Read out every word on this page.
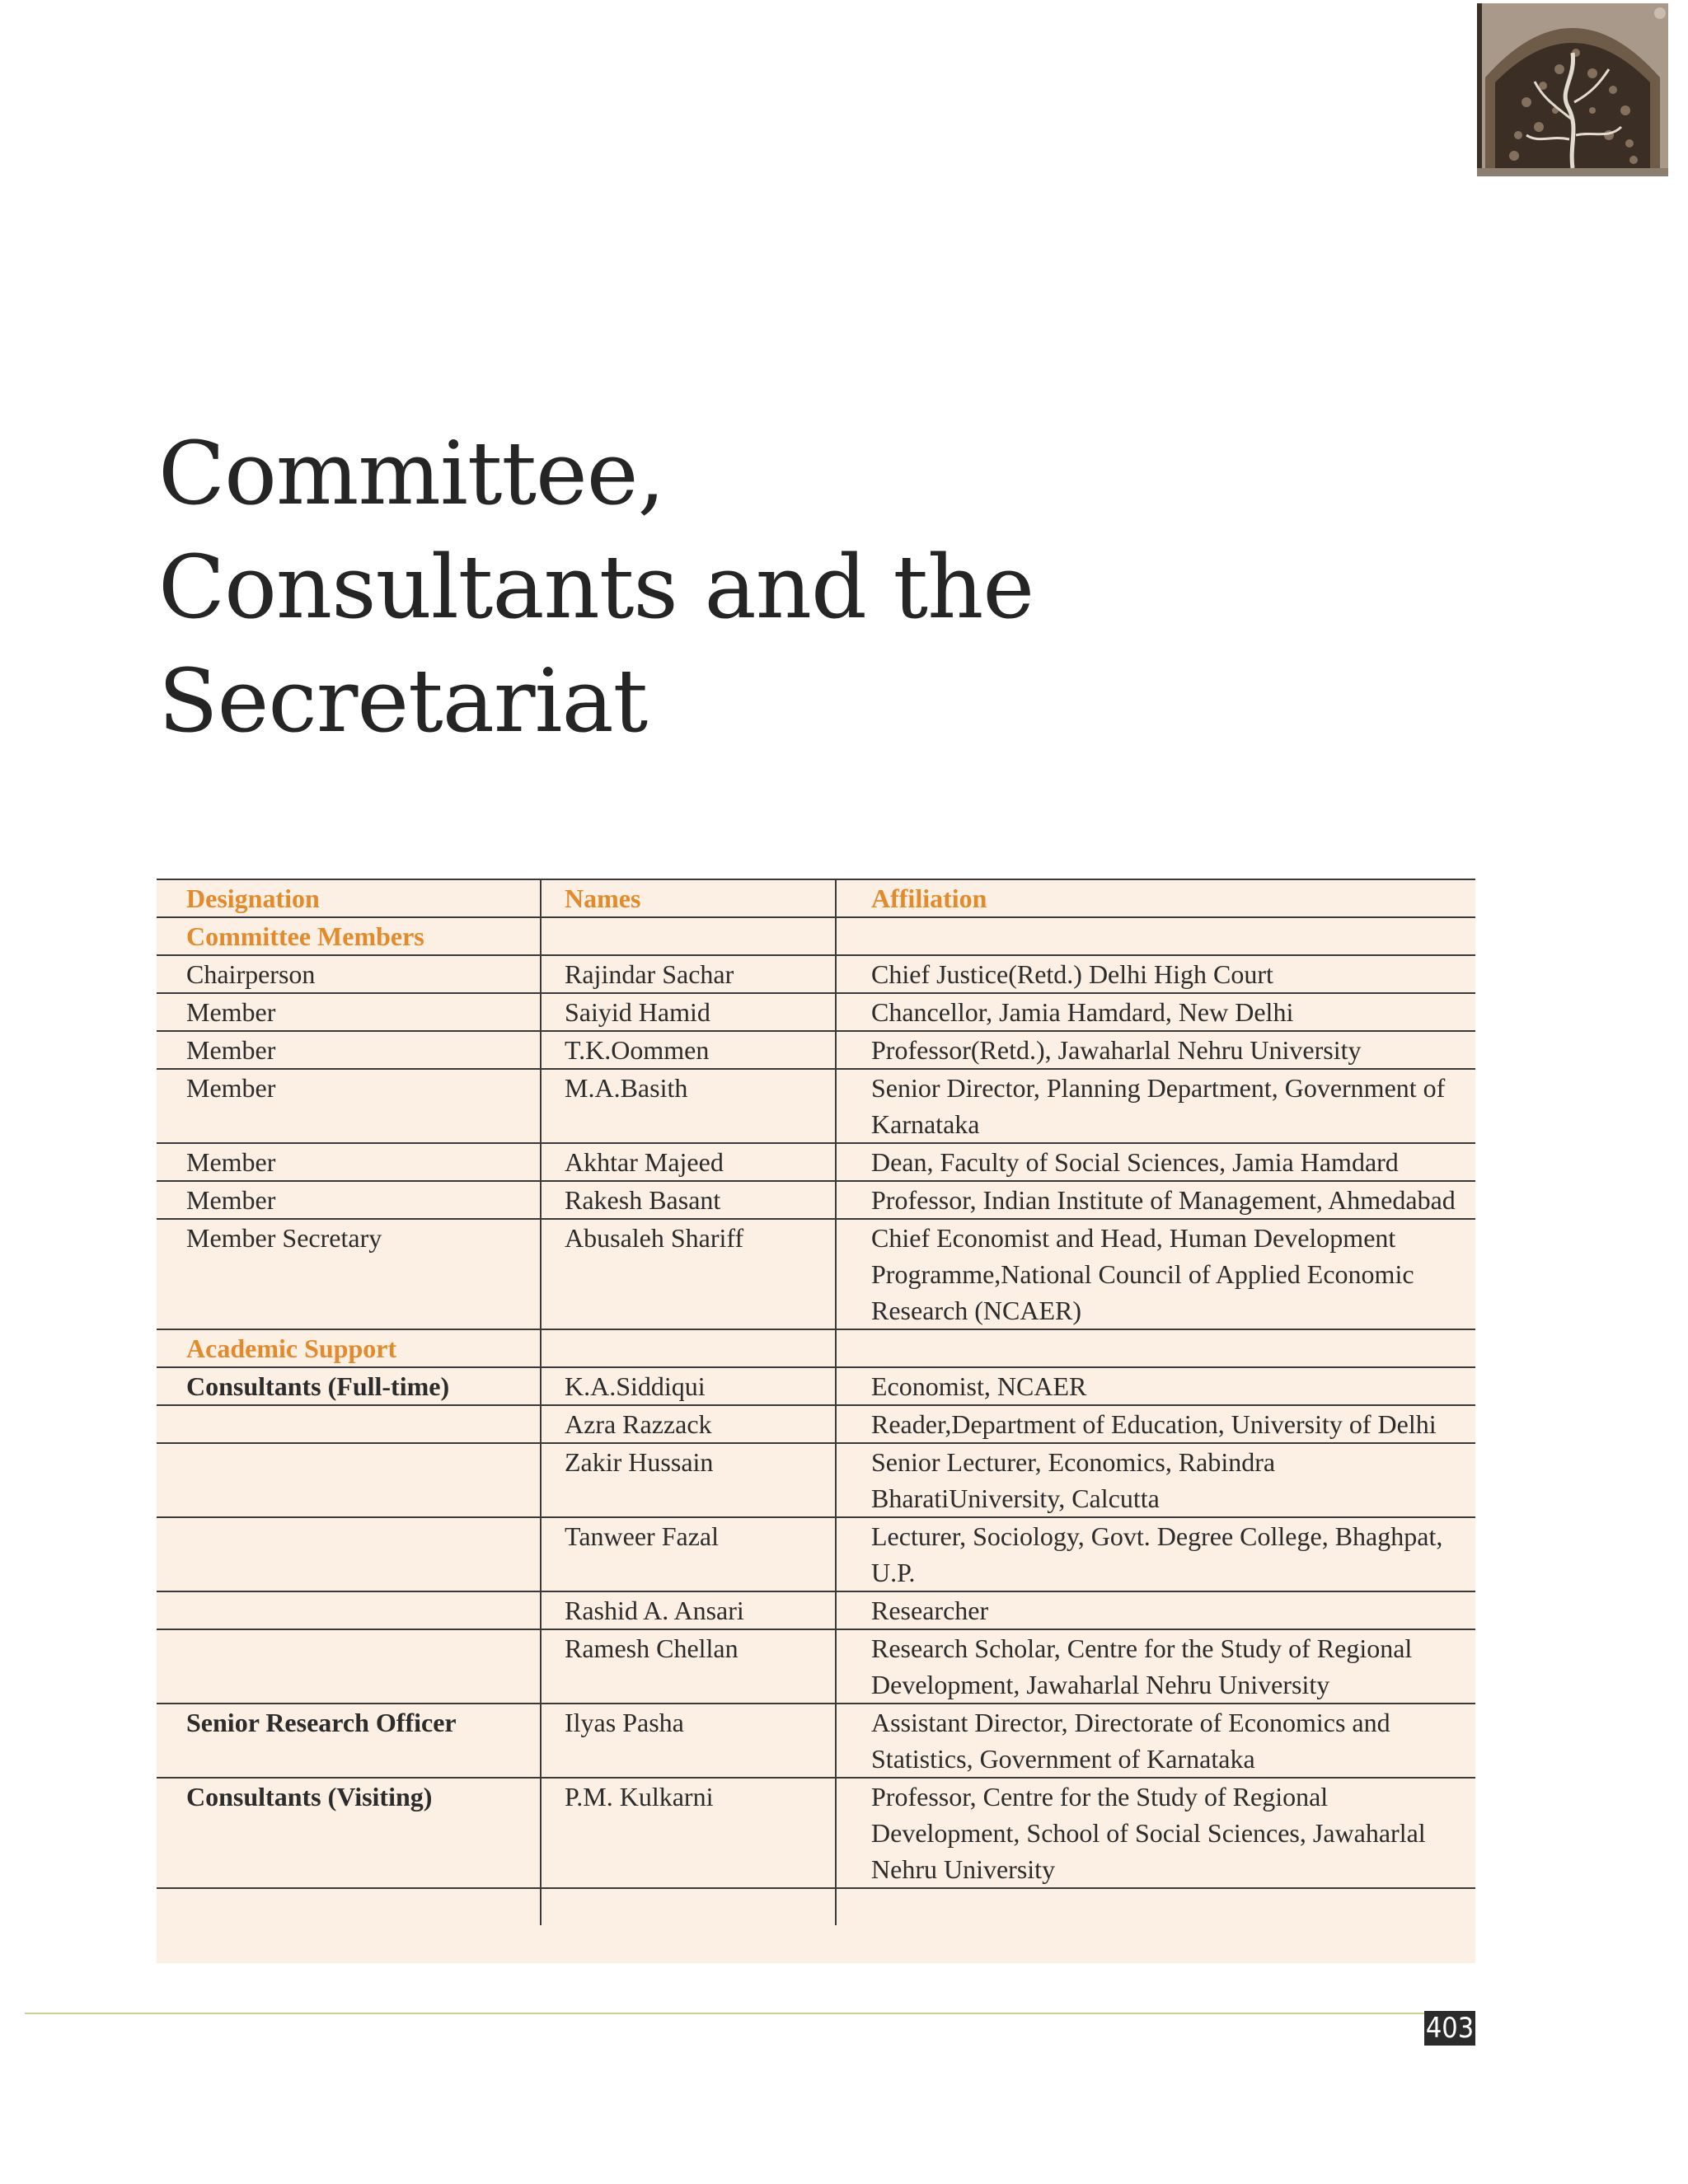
Committee,
Consultants and the
Secretariat
Designation	Names	Affiliation
Committee Members		
Chairperson	Rajindar Sachar	Chief Justice(Retd.) Delhi High Court
Member	Saiyid Hamid	Chancellor, Jamia Hamdard, New Delhi
Member	T.K.Oommen	Professor(Retd.), Jawaharlal Nehru University
Member	M.A.Basith	Senior Director, Planning Department, Government of Karnataka
Member	Akhtar Majeed	Dean, Faculty of Social Sciences, Jamia Hamdard
Member	Rakesh Basant	Professor, Indian Institute of Management, Ahmedabad
Member Secretary	Abusaleh Shariff	Chief Economist and Head, Human Development Programme,National Council of Applied Economic Research (NCAER)
Academic Support		
Consultants (Full-time)	K.A.Siddiqui	Economist, NCAER
	Azra Razzack	Reader,Department of Education, University of Delhi
	Zakir Hussain	Senior Lecturer, Economics, Rabindra BharatiUniversity, Calcutta
	Tanweer Fazal	Lecturer, Sociology, Govt. Degree College, Bhaghpat, U.P.
	Rashid A. Ansari	Researcher
	Ramesh Chellan	Research Scholar, Centre for the Study of Regional Development, Jawaharlal Nehru University
Senior Research Officer	Ilyas Pasha	Assistant Director, Directorate of Economics and Statistics, Government of Karnataka
Consultants (Visiting)	P.M. Kulkarni	Professor, Centre for the Study of Regional Development, School of Social Sciences, Jawaharlal Nehru University

403
